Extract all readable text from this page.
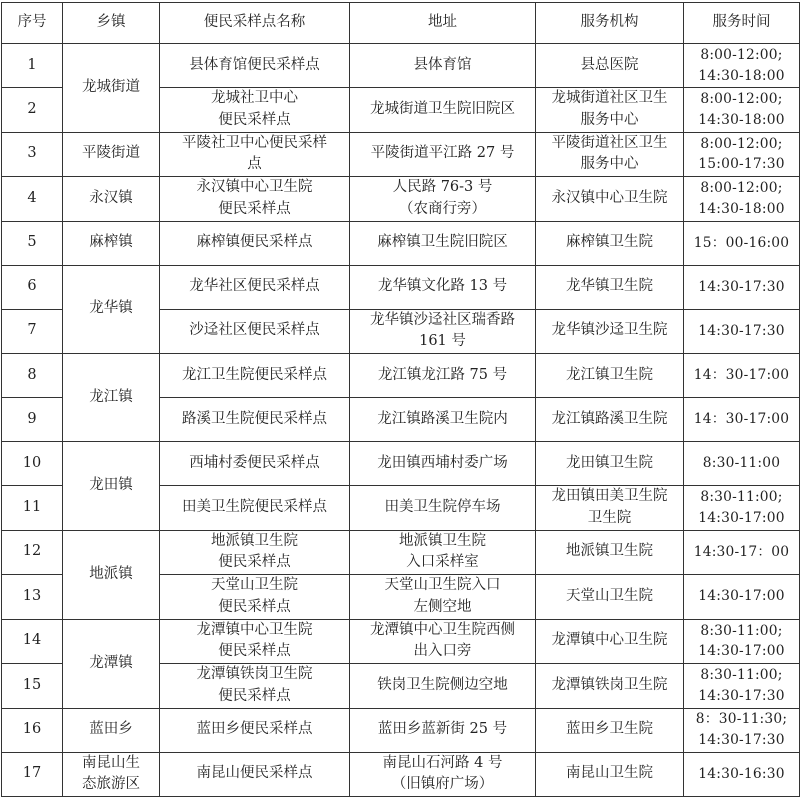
序号	乡镇	便民采样点名称	地址	服务机构	服务时间
1	龙城街道	县体育馆便民采样点	县体育馆	县总医院	8:00-12:00;
14:30-18:00
2		龙城社卫中心
便民采样点	龙城街道卫生院旧院区	龙城街道社区卫生
服务中心	8:00-12:00;
14:30-18:00
3	平陵街道	平陵社卫中心便民采样
点	平陵街道平江路 27 号	平陵街道社区卫生
服务中心	8:00-12:00;
15:00-17:30
4	永汉镇	永汉镇中心卫生院
便民采样点	人民路 76-3 号
（农商行旁）	永汉镇中心卫生院	8:00-12:00;
14:30-18:00
5	麻榨镇	麻榨镇便民采样点	麻榨镇卫生院旧院区	麻榨镇卫生院	15：00-16:00
6	龙华镇	龙华社区便民采样点	龙华镇文化路 13 号	龙华镇卫生院	14:30-17:30
7		沙迳社区便民采样点	龙华镇沙迳社区瑞香路
161 号	龙华镇沙迳卫生院	14:30-17:30
8	龙江镇	龙江卫生院便民采样点	龙江镇龙江路 75 号	龙江镇卫生院	14：30-17:00
9		路溪卫生院便民采样点	龙江镇路溪卫生院内	龙江镇路溪卫生院	14：30-17:00
10	龙田镇	西埔村委便民采样点	龙田镇西埔村委广场	龙田镇卫生院	8:30-11:00
11		田美卫生院便民采样点	田美卫生院停车场	龙田镇田美卫生院
卫生院	8:30-11:00;
14:30-17:00
12	地派镇	地派镇卫生院
便民采样点	地派镇卫生院
入口采样室	地派镇卫生院	14:30-17：00
13		天堂山卫生院
便民采样点	天堂山卫生院入口
左侧空地	天堂山卫生院	14:30-17:00
14	龙潭镇	龙潭镇中心卫生院
便民采样点	龙潭镇中心卫生院西侧
出入口旁	龙潭镇中心卫生院	8:30-11:00;
14:30-17:00
15		龙潭镇铁岗卫生院
便民采样点	铁岗卫生院侧边空地	龙潭镇铁岗卫生院	8:30-11:00;
14:30-17:30
16	蓝田乡	蓝田乡便民采样点	蓝田乡蓝新街 25 号	蓝田乡卫生院	8：30-11:30;
14:30-17:30
17	南昆山生
态旅游区	南昆山便民采样点	南昆山石河路 4 号
（旧镇府广场）	南昆山卫生院	14:30-16:30
